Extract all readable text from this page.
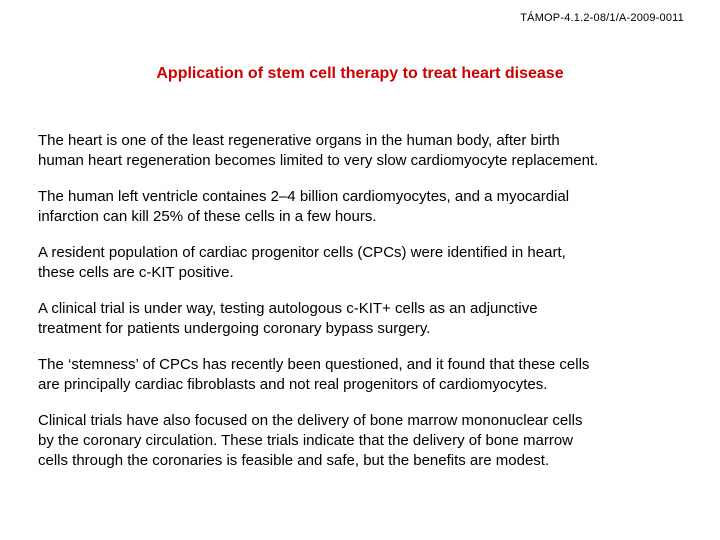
TÁMOP-4.1.2-08/1/A-2009-0011
Application of stem cell therapy to treat heart disease

The heart is one of the least regenerative organs in the human body, after birth
human heart regeneration becomes limited to very slow cardiomyocyte replacement.

The human left ventricle containes 2–4 billion cardiomyocytes, and a myocardial
infarction can kill 25% of these cells in a few hours.

A resident population of cardiac progenitor cells (CPCs) were identified in heart,
these cells are c-KIT positive.

A clinical trial is under way, testing autologous c-KIT+ cells as an adjunctive
treatment for patients undergoing coronary bypass surgery.

The ‘stemness’ of CPCs has recently been questioned, and it found that these cells
are principally cardiac fibroblasts and not real progenitors of cardiomyocytes.

Clinical trials have also focused on the delivery of bone marrow mononuclear cells
by the coronary circulation. These trials indicate that the delivery of bone marrow
cells through the coronaries is feasible and safe, but the benefits are modest.
